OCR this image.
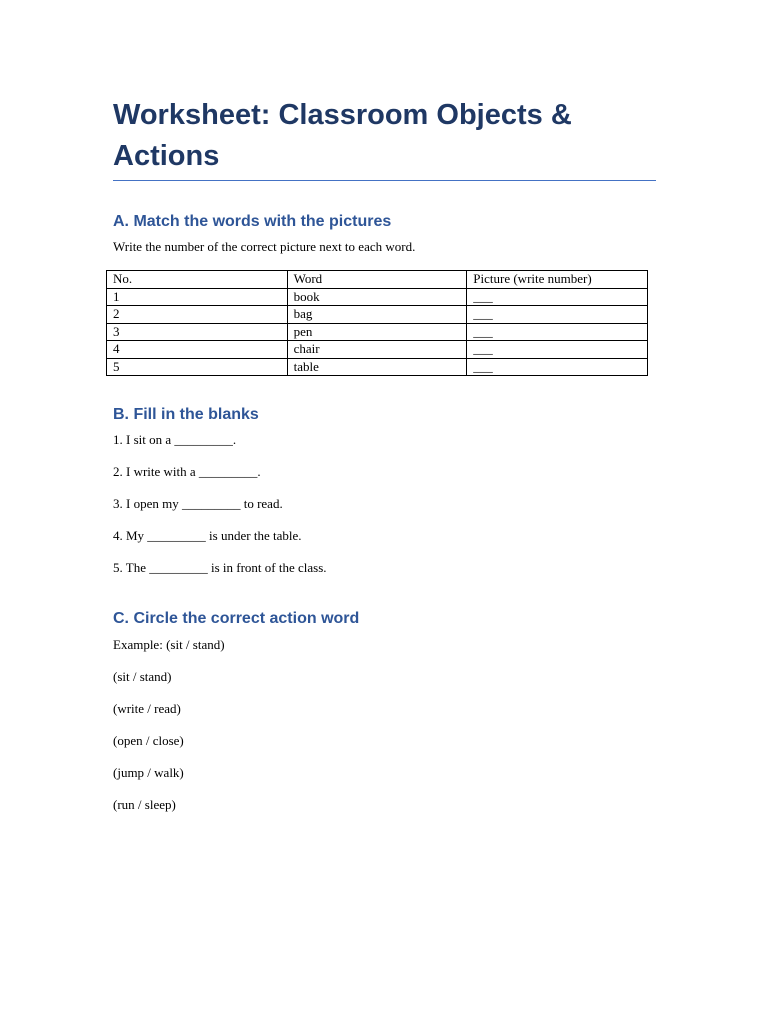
Worksheet: Classroom Objects & Actions
A. Match the words with the pictures

Write the number of the correct picture next to each word.

No.	Word	Picture (write number)
1	book	___
2	bag	___
3	pen	___
4	chair	___
5	table	___
B. Fill in the blanks

1. I sit on a _________.

2. I write with a _________.

3. I open my _________ to read.

4. My _________ is under the table.

5. The _________ is in front of the class.

C. Circle the correct action word

Example: (sit / stand)

(sit / stand)

(write / read)

(open / close)

(jump / walk)

(run / sleep)
